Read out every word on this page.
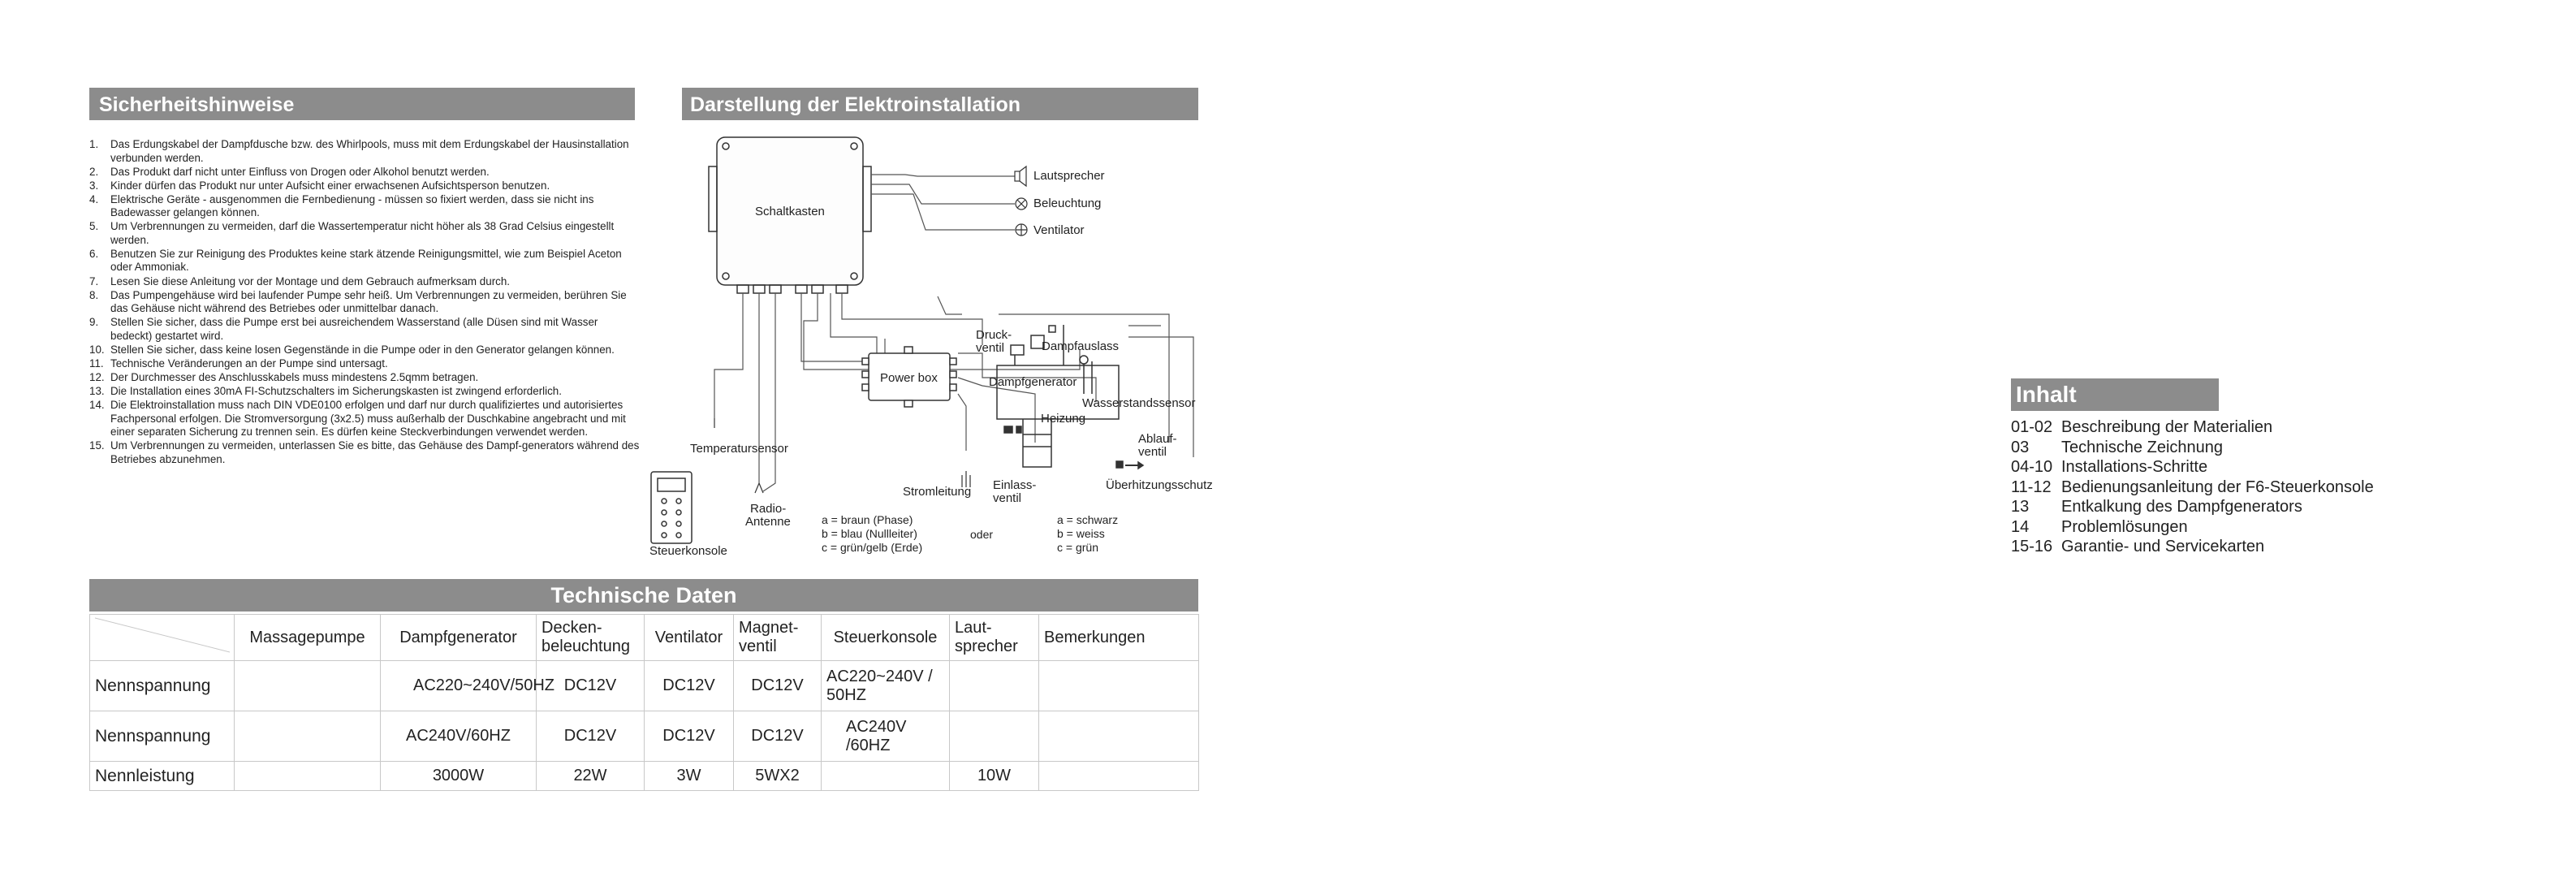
Sicherheitshinweise
1. Das Erdungskabel der Dampfdusche bzw. des Whirlpools, muss mit dem Erdungskabel der Hausinstallation verbunden werden.
2. Das Produkt darf nicht unter Einfluss von Drogen oder Alkohol benutzt werden.
3. Kinder dürfen das Produkt nur unter Aufsicht einer erwachsenen Aufsichtsperson benutzen.
4. Elektrische Geräte - ausgenommen die Fernbedienung - müssen so fixiert werden, dass sie nicht ins Badewasser gelangen können.
5. Um Verbrennungen zu vermeiden, darf die Wassertemperatur nicht höher als 38 Grad Celsius eingestellt werden.
6. Benutzen Sie zur Reinigung des Produktes keine stark ätzende Reinigungsmittel, wie zum Beispiel Aceton oder Ammoniak.
7. Lesen Sie diese Anleitung vor der Montage und dem Gebrauch aufmerksam durch.
8. Das Pumpengehäuse wird bei laufender Pumpe sehr heiß. Um Verbrennungen zu vermeiden, berühren Sie das Gehäuse nicht während des Betriebes oder unmittelbar danach.
9. Stellen Sie sicher, dass die Pumpe erst bei ausreichendem Wasserstand (alle Düsen sind mit Wasser bedeckt) gestartet wird.
10. Stellen Sie sicher, dass keine losen Gegenstände in die Pumpe oder in den Generator gelangen können.
11. Technische Veränderungen an der Pumpe sind untersagt.
12. Der Durchmesser des Anschlusskabels muss mindestens 2.5qmm betragen.
13. Die Installation eines 30mA FI-Schutzschalters im Sicherungskasten ist zwingend erforderlich.
14. Die Elektroinstallation muss nach DIN VDE0100 erfolgen und darf nur durch qualifiziertes und autorisiertes Fachpersonal erfolgen. Die Stromversorgung (3x2.5) muss außerhalb der Duschkabine angebracht und mit einer separaten Sicherung zu trennen sein. Es dürfen keine Steckverbindungen verwendet werden.
15. Um Verbrennungen zu vermeiden, unterlassen Sie es bitte, das Gehäuse des Dampf-generators während des Betriebes abzunehmen.
Darstellung der Elektroinstallation
Schaltkasten
Lautsprecher
Beleuchtung
Ventilator
Power box
Druck-
ventil	Dampfauslass
Dampfgenerator
Wasserstandssensor
Heizung
Ablauf-
ventil
Einlass-
ventil
Überhitzungsschutz
Stromleitung
Temperatursensor
Radio-
Antenne
Steuerkonsole
a = braun (Phase)
b = blau (Nullleiter)
c = grün/gelb (Erde)
oder
a = schwarz
b = weiss
c = grün
Technische Daten
	Massagepumpe	Dampfgenerator	Decken-beleuchtung	Ventilator	Magnet-ventil	Steuerkonsole	Laut-sprecher	Bemerkungen
Nennspannung		AC220~240V/50HZ	DC12V	DC12V	DC12V	AC220~240V / 50HZ		
Nennspannung		AC240V/60HZ	DC12V	DC12V	DC12V	AC240V /60HZ		
Nennleistung		3000W	22W	3W	5WX2		10W	
Inhalt
01-02 Beschreibung der Materialien
03 Technische Zeichnung
04-10 Installations-Schritte
11-12 Bedienungsanleitung der F6-Steuerkonsole
13 Entkalkung des Dampfgenerators
14 Problemlösungen
15-16 Garantie- und Servicekarten
